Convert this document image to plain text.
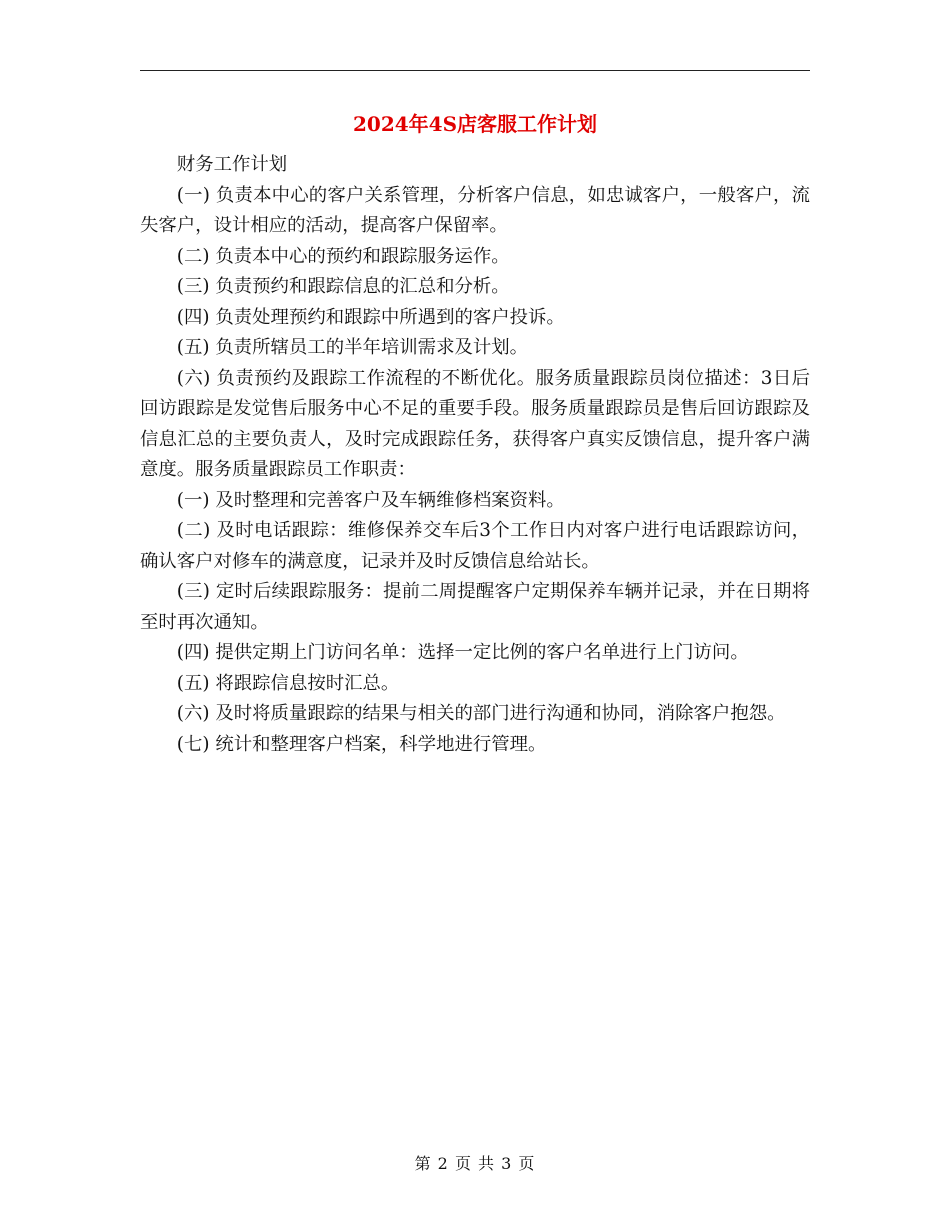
2024年4S店客服工作计划

财务工作计划

(一) 负责本中心的客户关系管理，分析客户信息，如忠诚客户，一般客户，流失客户，设计相应的活动，提高客户保留率。

(二) 负责本中心的预约和跟踪服务运作。

(三) 负责预约和跟踪信息的汇总和分析。

(四) 负责处理预约和跟踪中所遇到的客户投诉。

(五) 负责所辖员工的半年培训需求及计划。

(六) 负责预约及跟踪工作流程的不断优化。服务质量跟踪员岗位描述：3日后回访跟踪是发觉售后服务中心不足的重要手段。服务质量跟踪员是售后回访跟踪及信息汇总的主要负责人，及时完成跟踪任务，获得客户真实反馈信息，提升客户满意度。服务质量跟踪员工作职责：

(一) 及时整理和完善客户及车辆维修档案资料。

(二) 及时电话跟踪：维修保养交车后3个工作日内对客户进行电话跟踪访问，确认客户对修车的满意度，记录并及时反馈信息给站长。

(三) 定时后续跟踪服务：提前二周提醒客户定期保养车辆并记录，并在日期将至时再次通知。

(四) 提供定期上门访问名单：选择一定比例的客户名单进行上门访问。

(五) 将跟踪信息按时汇总。

(六) 及时将质量跟踪的结果与相关的部门进行沟通和协同，消除客户抱怨。

(七) 统计和整理客户档案，科学地进行管理。

第 2 页 共 3 页
